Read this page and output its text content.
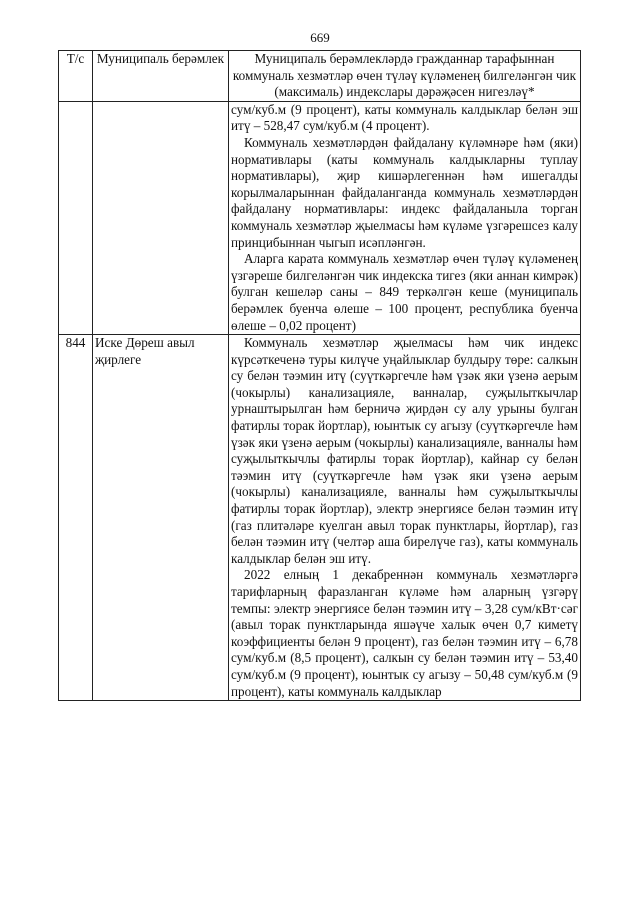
669
Т/с	Муниципаль берәмлек	Муниципаль берәмлекләрдә гражданнар тарафыннан коммуналь хезмәтләр өчен түләү күләменең билгеләнгән чик (максималь) индекслары дәрәҗәсен нигезләү*

		сум/куб.м (9 процент), каты коммуналь калдыклар белән эш итү – 528,47 сум/куб.м (4 процент).

Коммуналь хезмәтләрдән файдалану күләмнәре һәм (яки) нормативлары (каты коммуналь калдыкларны туплау нормативлары), җир кишәрлегеннән һәм ишегалды корылмаларыннан файдаланганда коммуналь хезмәтләрдән файдалану нормативлары: индекс файдаланыла торган коммуналь хезмәтләр җыелмасы һәм күләме үзгәрешсез калу принцибыннан чыгып исәпләнгән.

Аларга карата коммуналь хезмәтләр өчен түләү күләменең үзгәреше билгеләнгән чик индекска тигез (яки аннан кимрәк) булган кешеләр саны – 849 теркәлгән кеше (муниципаль берәмлек буенча өлеше – 100 процент, республика буенча өлеше – 0,02 процент)

844	Иске Дөреш авыл җирлеге	Коммуналь хезмәтләр җыелмасы һәм чик индекс күрсәткеченә туры килүче уңайлыклар булдыру төре: салкын су белән тәэмин итү (суүткәргечле һәм үзәк яки үзенә аерым (чокырлы) канализацияле, ванналар, суҗылыткычлар урнаштырылган һәм берничә җирдән су алу урыны булган фатирлы торак йортлар), юынтык су агызу (суүткәргечле һәм үзәк яки үзенә аерым (чокырлы) канализацияле, ванналы һәм суҗылыткычлы фатирлы торак йортлар), кайнар су белән тәэмин итү (суүткәргечле һәм үзәк яки үзенә аерым (чокырлы) канализацияле, ванналы һәм суҗылыткычлы фатирлы торак йортлар), электр энергиясе белән тәэмин итү (газ плитәләре куелган авыл торак пунктлары, йортлар), газ белән тәэмин итү (челтәр аша бирелүче газ), каты коммуналь калдыклар белән эш итү.

2022 елның 1 декабреннән коммуналь хезмәтләргә тарифларның фаразланган күләме һәм аларның үзгәрү темпы: электр энергиясе белән тәэмин итү – 3,28 сум/кВт·сәг (авыл торак пунктларында яшәүче халык өчен 0,7 киметү коэффициенты белән 9 процент), газ белән тәэмин итү – 6,78 сум/куб.м (8,5 процент), салкын су белән тәэмин итү – 53,40 сум/куб.м (9 процент), юынтык су агызу – 50,48 сум/куб.м (9 процент), каты коммуналь калдыклар
